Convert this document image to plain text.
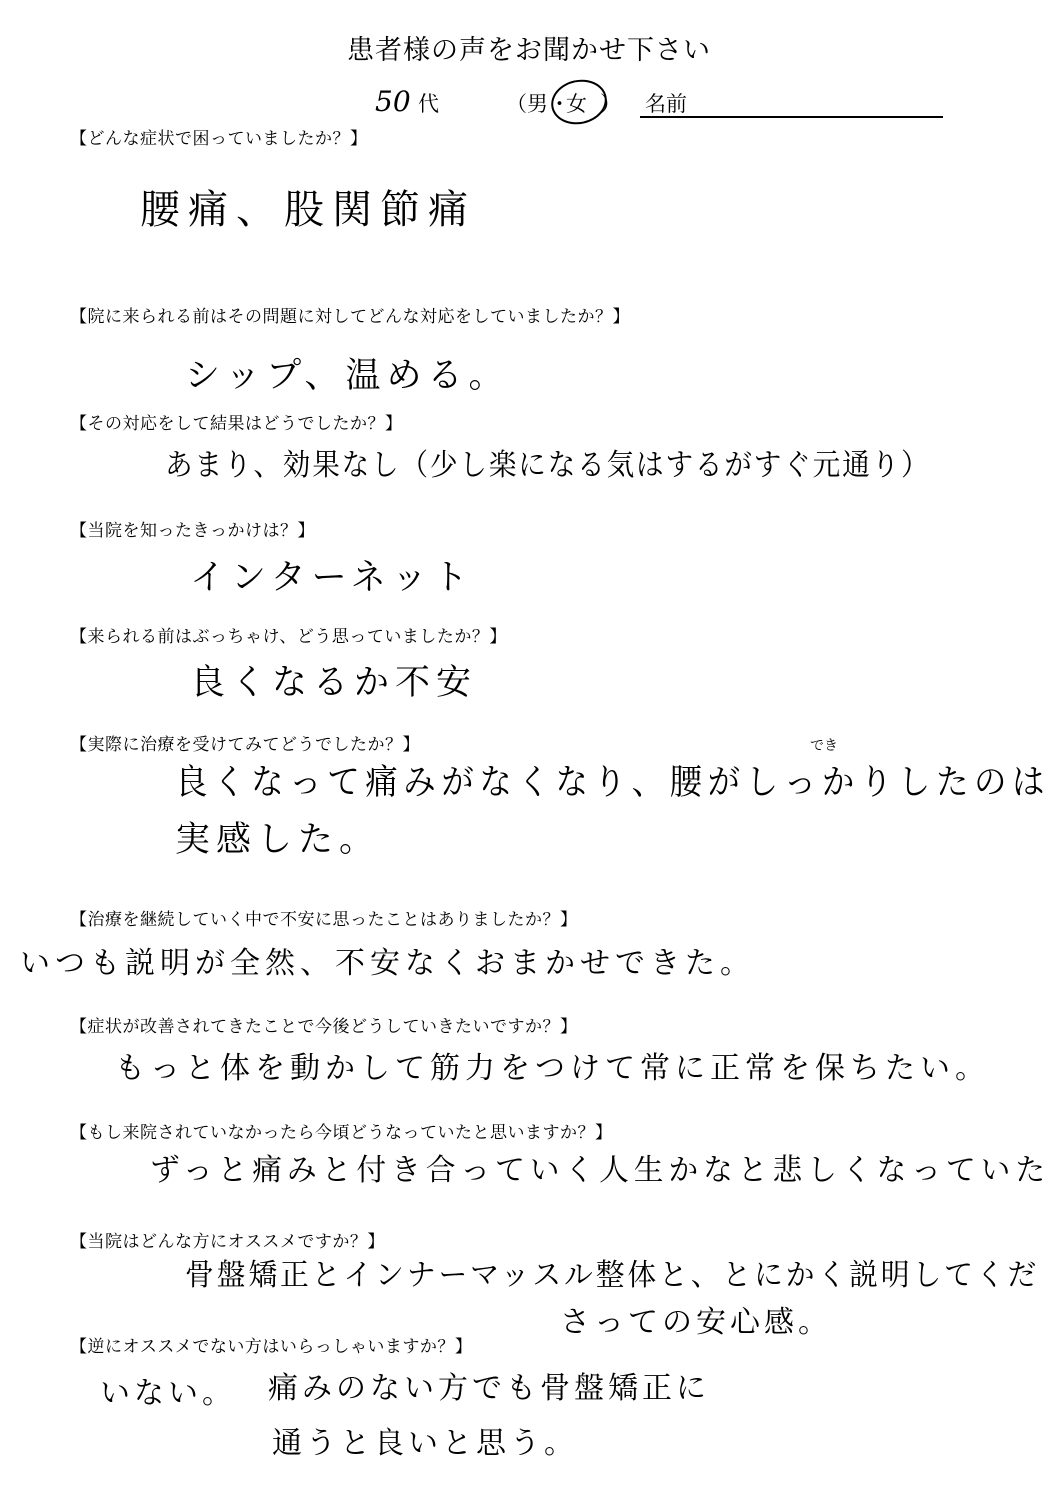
患者様の声をお聞かせ下さい
50 代	（男 ・
女 ） 名前
【どんな症状で困っていましたか？】
腰痛、股関節痛
【院に来られる前はその問題に対してどんな対応をしていましたか？】
シップ、温める。
【その対応をして結果はどうでしたか？】
あまり、効果なし（少し楽になる気はするがすぐ元通り）
【当院を知ったきっかけは？】
インターネット
【来られる前はぶっちゃけ、どう思っていましたか？】
良くなるか不安
【実際に治療を受けてみてどうでしたか？】	でき
良くなって痛みがなくなり、腰がしっかりしたのは
実感した。
【治療を継続していく中で不安に思ったことはありましたか？】
いつも説明が全然、不安なくおまかせできた。
【症状が改善されてきたことで今後どうしていきたいですか？】
もっと体を動かして筋力をつけて常に正常を保ちたい。
【もし来院されていなかったら今頃どうなっていたと思いますか？】
ずっと痛みと付き合っていく人生かなと悲しくなっていた
【当院はどんな方にオススメですか？】
骨盤矯正とインナーマッスル整体と、とにかく説明してくだ
さっての安心感。
【逆にオススメでない方はいらっしゃいますか？】
いない。 痛みのない方でも骨盤矯正に
通うと良いと思う。
